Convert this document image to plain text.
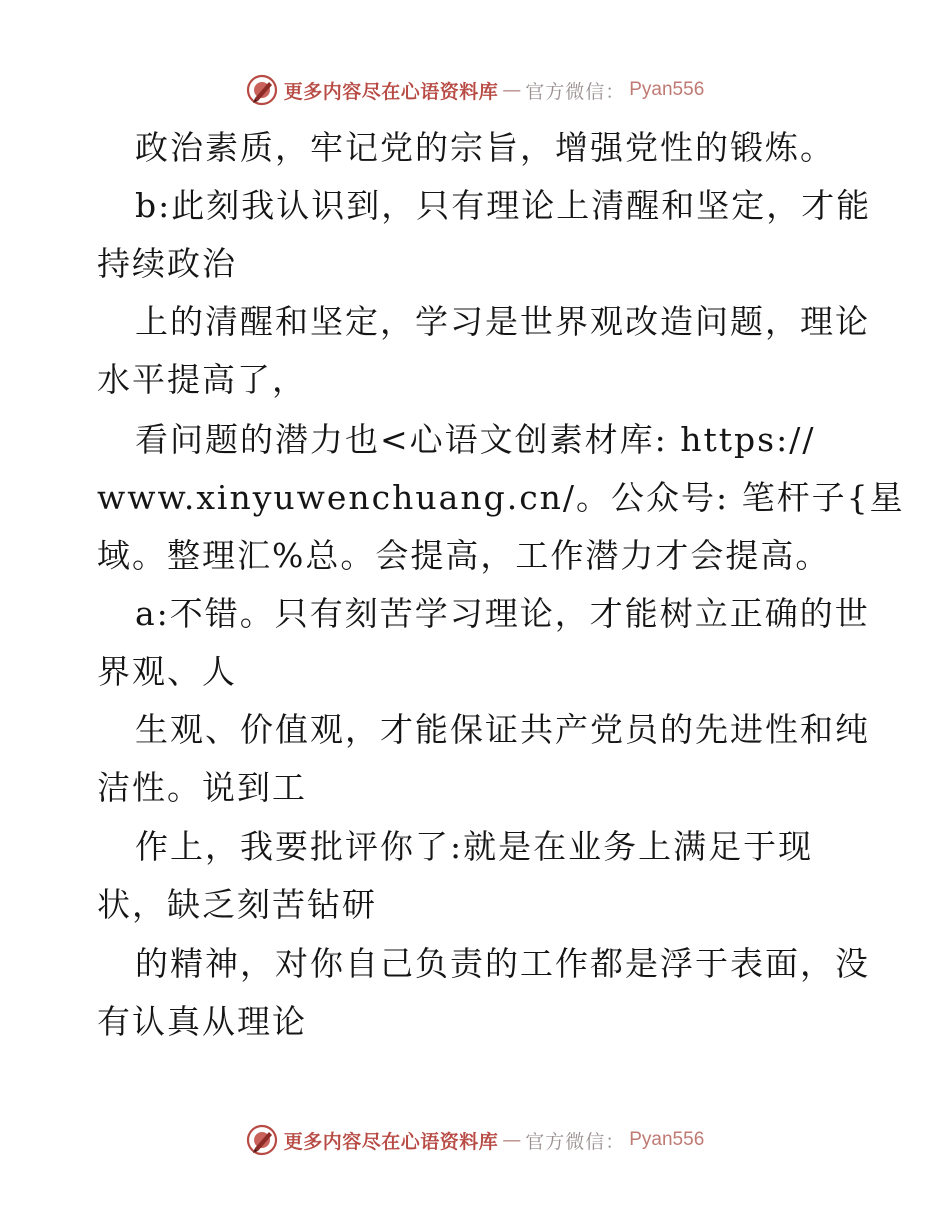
更多内容尽在心语资料库 — 官方微信： Pyan556
政治素质，牢记党的宗旨，增强党性的锻炼。
b:此刻我认识到，只有理论上清醒和坚定，才能
持续政治
上的清醒和坚定，学习是世界观改造问题，理论
水平提高了，
看问题的潜力也<心语文创素材库: https://
www.xinyuwenchuang.cn/。公众号: 笔杆子{星
域。整理汇%总。会提高，工作潜力才会提高。
a:不错。只有刻苦学习理论，才能树立正确的世
界观、人
生观、价值观，才能保证共产党员的先进性和纯
洁性。说到工
作上，我要批评你了:就是在业务上满足于现
状，缺乏刻苦钻研
的精神，对你自己负责的工作都是浮于表面，没
有认真从理论
更多内容尽在心语资料库 — 官方微信： Pyan556
